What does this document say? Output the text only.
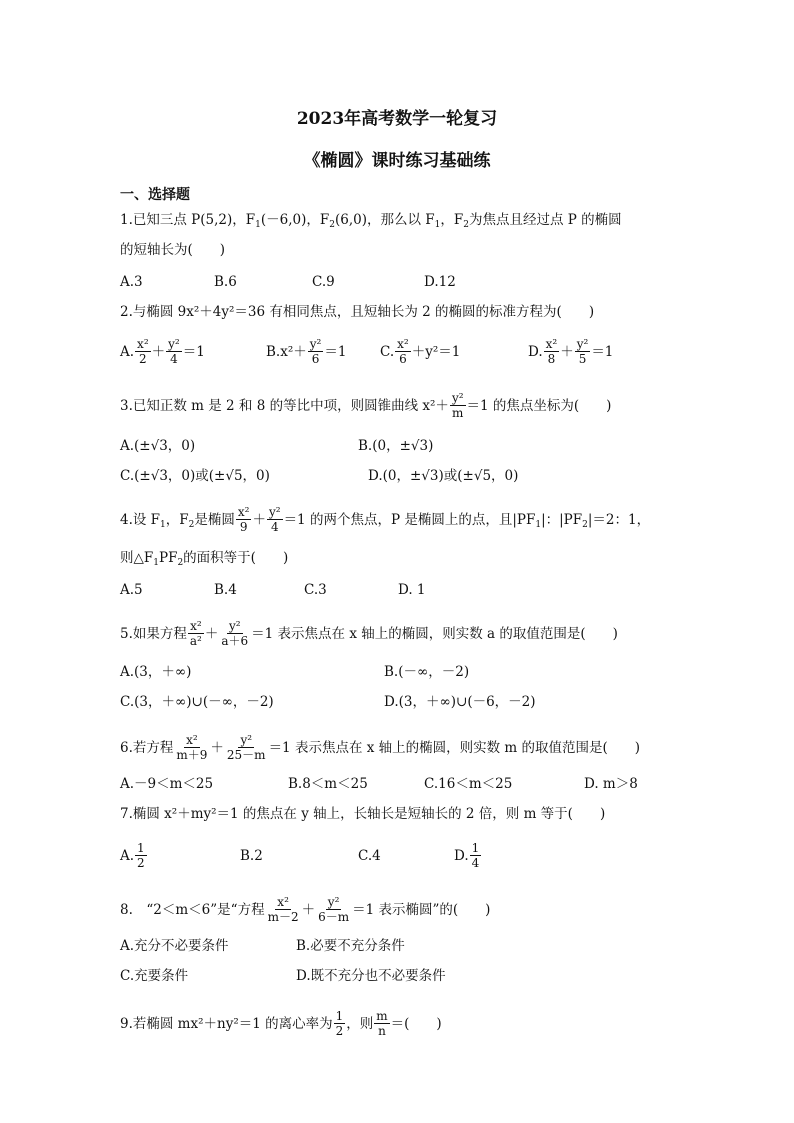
2023年高考数学一轮复习
《椭圆》课时练习基础练
一、选择题
1.已知三点 P(5,2)，$F_1(-6,0)$，$F_2(6,0)$，那么以 $F_1$，$F_2$为焦点且经过点 P 的椭圆
的短轴长为(　　)
A.3	B.6	C.9	D.12
2.与椭圆 9x²＋4y²＝36 有相同焦点，且短轴长为 2 的椭圆的标准方程为(　　)
A. $\frac{\text{x²}}{2} + \frac{\text{y²}}{4} =1$	$B.x^2+ \frac{\text{y²}}{6} =1$ C. $\frac{\text{x²}}{6} +y^2=1$	D. $\frac{\text{x²}}{8} + \frac{\text{y²}}{5} =1$
3.已知正数 m 是 2 和 8 的等比中项，则圆锥曲线 $x^2+ \frac{\text{y²}}{m} =1$ 的焦点坐标为(　　)
A.(±√3，0)	B.(0，±√3)
C.(±√3，0)或(±√5，0)	D.(0，±√3)或(±√5，0)
4.设 $F_1$，$F_2$是椭圆 $\frac{\text{x²}}{9} + \frac{\text{y²}}{4} =1$ 的两个焦点，P 是椭圆上的点，且$|PF_1|$：$|PF_2|=2$：1，
则$\triangle F_1PF_2$的面积等于(　　)
A.5	B.4	C.3	D. 1
5.如果方程 $\frac{\text{x²}}{\text{a²}} + \frac{\text{y²}}{a+6} =1$ 表示焦点在 x 轴上的椭圆，则实数 a 的取值范围是(　　)
A.(3，＋∞)	B.(－∞，－2)
C.(3，＋∞)∪(－∞，－2)	D.(3，＋∞)∪(－6，－2)
6.若方程 $\frac{\text{x²}}{m+9} + \frac{\text{y²}}{25-m} =1$ 表示焦点在 x 轴上的椭圆，则实数 m 的取值范围是(　　)
A.－9＜m＜25	B.8＜m＜25	C.16＜m＜25	D. m＞8
7.椭圆 x²＋my²＝1 的焦点在 y 轴上，长轴长是短轴长的 2 倍，则 m 等于(　　)
A. $\frac{1}{2}$	B.2	C.4	D. $\frac{1}{4}$
8.　“2＜m＜6”是“方程 $\frac{\text{x²}}{m-2} + \frac{\text{y²}}{6-m} =1$ 表示椭圆”的(　　)
A.充分不必要条件	B.必要不充分条件
C.充要条件	D.既不充分也不必要条件
9.若椭圆 mx²＋ny²＝1 的离心率为 $\frac{1}{2}$ ，则 $\frac{m}{n}$ ＝(　　)
